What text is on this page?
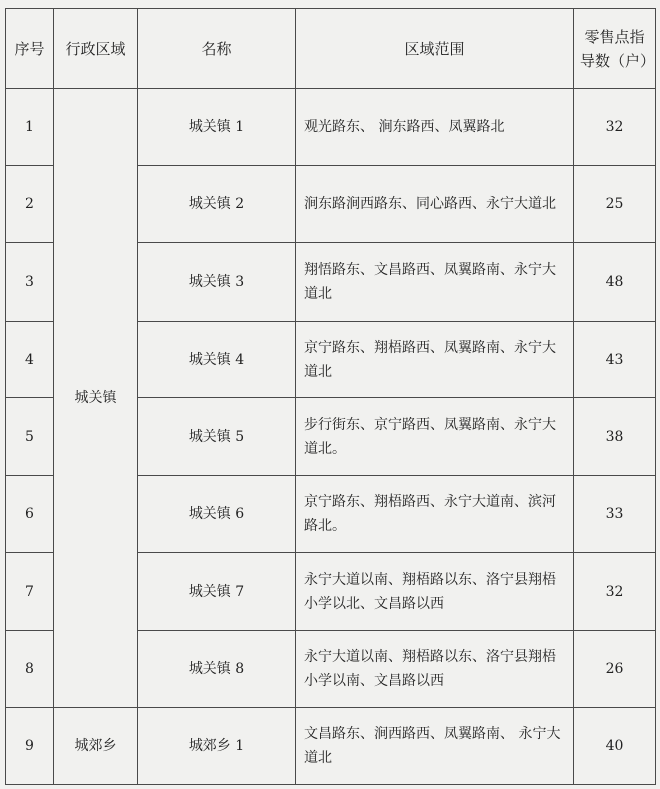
序号	行政区域	名称	区域范围	零售点指导数（户）
1	城关镇	城关镇 1	观光路东、 涧东路西、凤翼路北	32
2		城关镇 2	涧东路涧西路东、同心路西、永宁大道北	25
3		城关镇 3	翔悟路东、文昌路西、凤翼路南、永宁大道北	48
4		城关镇 4	京宁路东、翔梧路西、凤翼路南、永宁大道北	43
5		城关镇 5	步行街东、京宁路西、凤翼路南、永宁大道北。	38
6		城关镇 6	京宁路东、翔梧路西、永宁大道南、滨河路北。	33
7		城关镇 7	永宁大道以南、翔梧路以东、洛宁县翔梧小学以北、文昌路以西	32
8		城关镇 8	永宁大道以南、翔梧路以东、洛宁县翔梧小学以南、文昌路以西	26
9	城郊乡	城郊乡 1	文昌路东、涧西路西、凤翼路南、 永宁大道北	40
